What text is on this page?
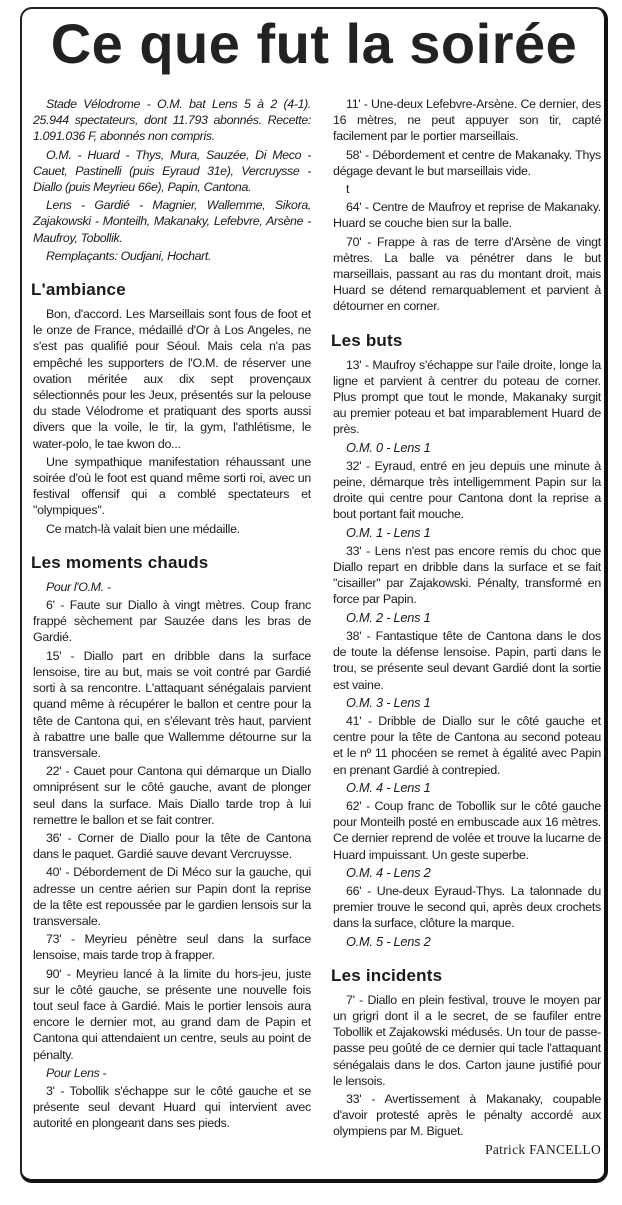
Ce que fut la soirée

Stade Vélodrome - O.M. bat Lens 5 à 2 (4-1). 25.944 spectateurs, dont 11.793 abonnés. Recette: 1.091.036 F, abonnés non compris.

O.M. - Huard - Thys, Mura, Sauzée, Di Meco - Cauet, Pastinelli (puis Eyraud 31e), Vercruysse - Diallo (puis Meyrieu 66e), Papin, Cantona.

Lens - Gardié - Magnier, Wallemme, Sikora, Zajakowski - Monteilh, Makanaky, Lefebvre, Arsène - Maufroy, Tobollik.

Remplaçants: Oudjani, Hochart.

L'ambiance

Bon, d'accord. Les Marseillais sont fous de foot et le onze de France, médaillé d'Or à Los Angeles, ne s'est pas qualifié pour Séoul. Mais cela n'a pas empêché les supporters de l'O.M. de réserver une ovation méritée aux dix sept provençaux sélectionnés pour les Jeux, présentés sur la pelouse du stade Vélodrome et pratiquant des sports aussi divers que la voile, le tir, la gym, l'athlétisme, le water-polo, le tae kwon do...

Une sympathique manifestation réhaussant une soirée d'où le foot est quand même sorti roi, avec un festival offensif qui a comblé spectateurs et "olympiques".

Ce match-là valait bien une médaille.

Les moments chauds

Pour l'O.M. -

6' - Faute sur Diallo à vingt mètres. Coup franc frappé sèchement par Sauzée dans les bras de Gardié.

15' - Diallo part en dribble dans la surface lensoise, tire au but, mais se voit contré par Gardié sorti à sa rencontre. L'attaquant sénégalais parvient quand même à récupérer le ballon et centre pour la tête de Cantona qui, en s'élevant très haut, parvient à rabattre une balle que Wallemme détourne sur la transversale.

22' - Cauet pour Cantona qui démarque un Diallo omniprésent sur le côté gauche, avant de plonger seul dans la surface. Mais Diallo tarde trop à lui remettre le ballon et se fait contrer.

36' - Corner de Diallo pour la tête de Cantona dans le paquet. Gardié sauve devant Vercruysse.

40' - Débordement de Di Méco sur la gauche, qui adresse un centre aérien sur Papin dont la reprise de la tête est repoussée par le gardien lensois sur la transversale.

73' - Meyrieu pénètre seul dans la surface lensoise, mais tarde trop à frapper.

90' - Meyrieu lancé à la limite du hors-jeu, juste sur le côté gauche, se présente une nouvelle fois tout seul face à Gardié. Mais le portier lensois aura encore le dernier mot, au grand dam de Papin et Cantona qui attendaient un centre, seuls au point de pénalty.

Pour Lens -

3' - Tobollik s'échappe sur le côté gauche et se présente seul devant Huard qui intervient avec autorité en plongeant dans ses pieds.

11' - Une-deux Lefebvre-Arsène. Ce dernier, des 16 mètres, ne peut appuyer son tir, capté facilement par le portier marseillais.

58' - Débordement et centre de Makanaky. Thys dégage devant le but marseillais vide.

t

64' - Centre de Maufroy et reprise de Makanaky. Huard se couche bien sur la balle.

70' - Frappe à ras de terre d'Arsène de vingt mètres. La balle va pénétrer dans le but marseillais, passant au ras du montant droit, mais Huard se détend remarquablement et parvient à détourner en corner.

Les buts

13' - Maufroy s'échappe sur l'aile droite, longe la ligne et parvient à centrer du poteau de corner. Plus prompt que tout le monde, Makanaky surgit au premier poteau et bat imparablement Huard de près.

O.M. 0 - Lens 1

32' - Eyraud, entré en jeu depuis une minute à peine, démarque très intelligemment Papin sur la droite qui centre pour Cantona dont la reprise a bout portant fait mouche.

O.M. 1 - Lens 1

33' - Lens n'est pas encore remis du choc que Diallo repart en dribble dans la surface et se fait "cisailler" par Zajakowski. Pénalty, transformé en force par Papin.

O.M. 2 - Lens 1

38' - Fantastique tête de Cantona dans le dos de toute la défense lensoise. Papin, parti dans le trou, se présente seul devant Gardié dont la sortie est vaine.

O.M. 3 - Lens 1

41' - Dribble de Diallo sur le côté gauche et centre pour la tête de Cantona au second poteau et le nº 11 phocéen se remet à égalité avec Papin en prenant Gardié à contrepied.

O.M. 4 - Lens 1

62' - Coup franc de Tobollik sur le côté gauche pour Monteilh posté en embuscade aux 16 mètres. Ce dernier reprend de volée et trouve la lucarne de Huard impuissant. Un geste superbe.

O.M. 4 - Lens 2

66' - Une-deux Eyraud-Thys. La talonnade du premier trouve le second qui, après deux crochets dans la surface, clôture la marque.

O.M. 5 - Lens 2

Les incidents

7' - Diallo en plein festival, trouve le moyen par un grigri dont il a le secret, de se faufiler entre Tobollik et Zajakowski médusés. Un tour de passe-passe peu goûté de ce dernier qui tacle l'attaquant sénégalais dans le dos. Carton jaune justifié pour le lensois.

33' - Avertissement à Makanaky, coupable d'avoir protesté après le pénalty accordé aux olympiens par M. Biguet.

Patrick FANCELLO
